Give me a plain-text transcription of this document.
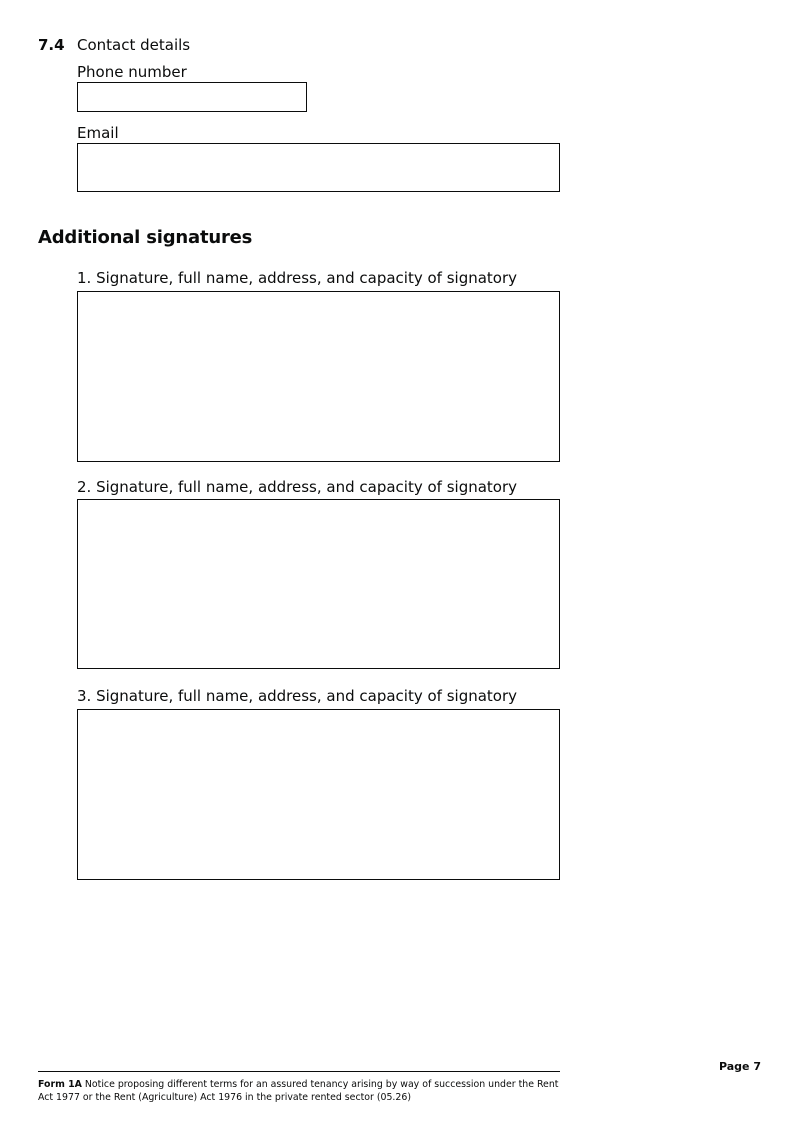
7.4 Contact details
Phone number
Email
Additional signatures
1. Signature, full name, address, and capacity of signatory
2. Signature, full name, address, and capacity of signatory
3. Signature, full name, address, and capacity of signatory
Form 1A Notice proposing different terms for an assured tenancy arising by way of succession under the Rent Act 1977 or the Rent (Agriculture) Act 1976 in the private rented sector (05.26)
Page 7
